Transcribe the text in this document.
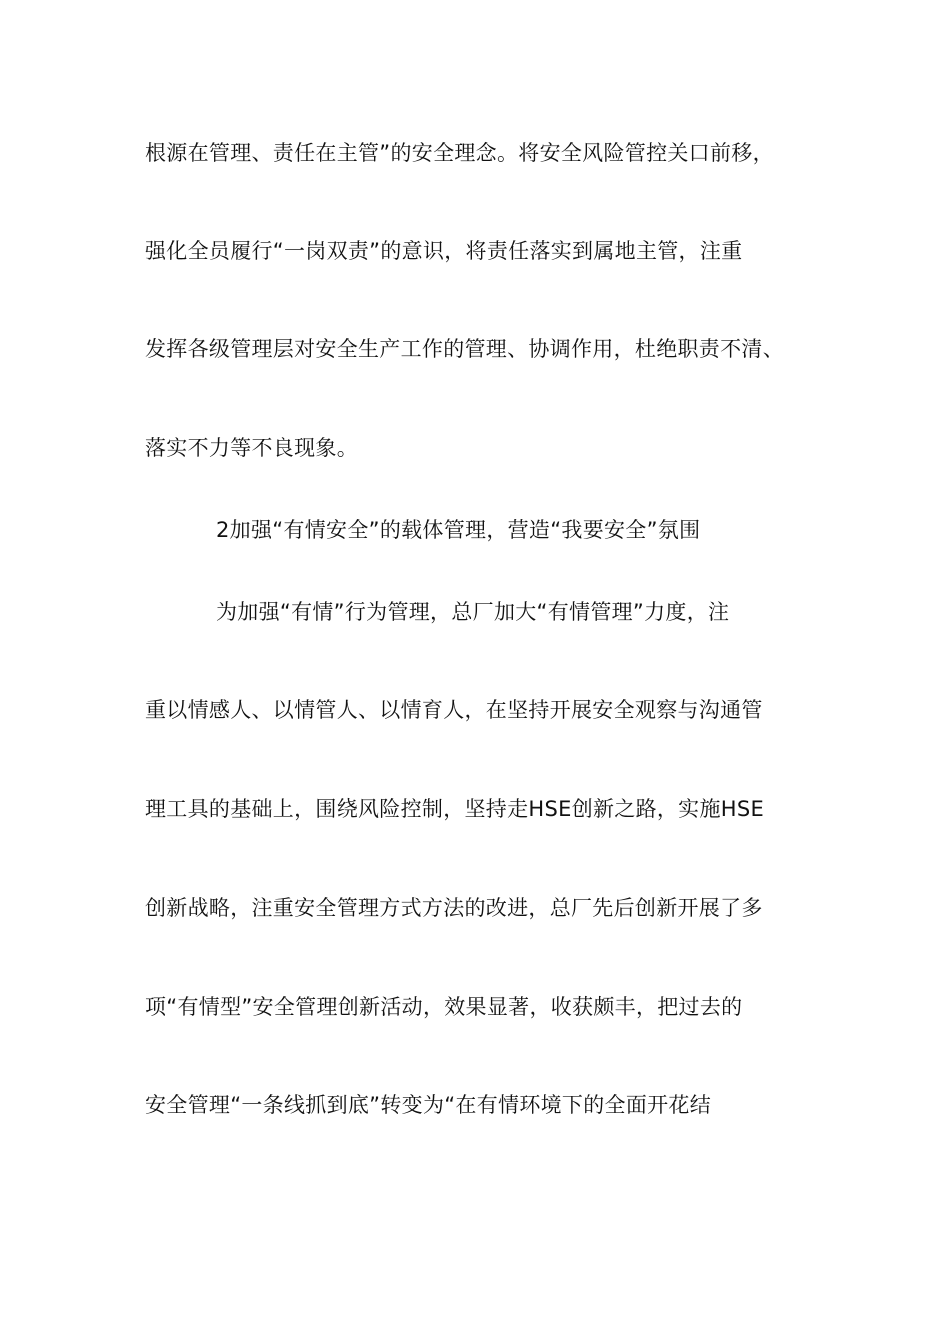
根源在管理、责任在主管”的安全理念。将安全风险管控关口前移，
强化全员履行“一岗双责”的意识，将责任落实到属地主管，注重
发挥各级管理层对安全生产工作的管理、协调作用，杜绝职责不清、
落实不力等不良现象。
2加强“有情安全”的载体管理，营造“我要安全”氛围
为加强“有情”行为管理，总厂加大“有情管理”力度，注
重以情感人、以情管人、以情育人，在坚持开展安全观察与沟通管
理工具的基础上，围绕风险控制，坚持走HSE创新之路，实施HSE
创新战略，注重安全管理方式方法的改进，总厂先后创新开展了多
项“有情型”安全管理创新活动，效果显著，收获颇丰，把过去的
安全管理“一条线抓到底”转变为“在有情环境下的全面开花结
